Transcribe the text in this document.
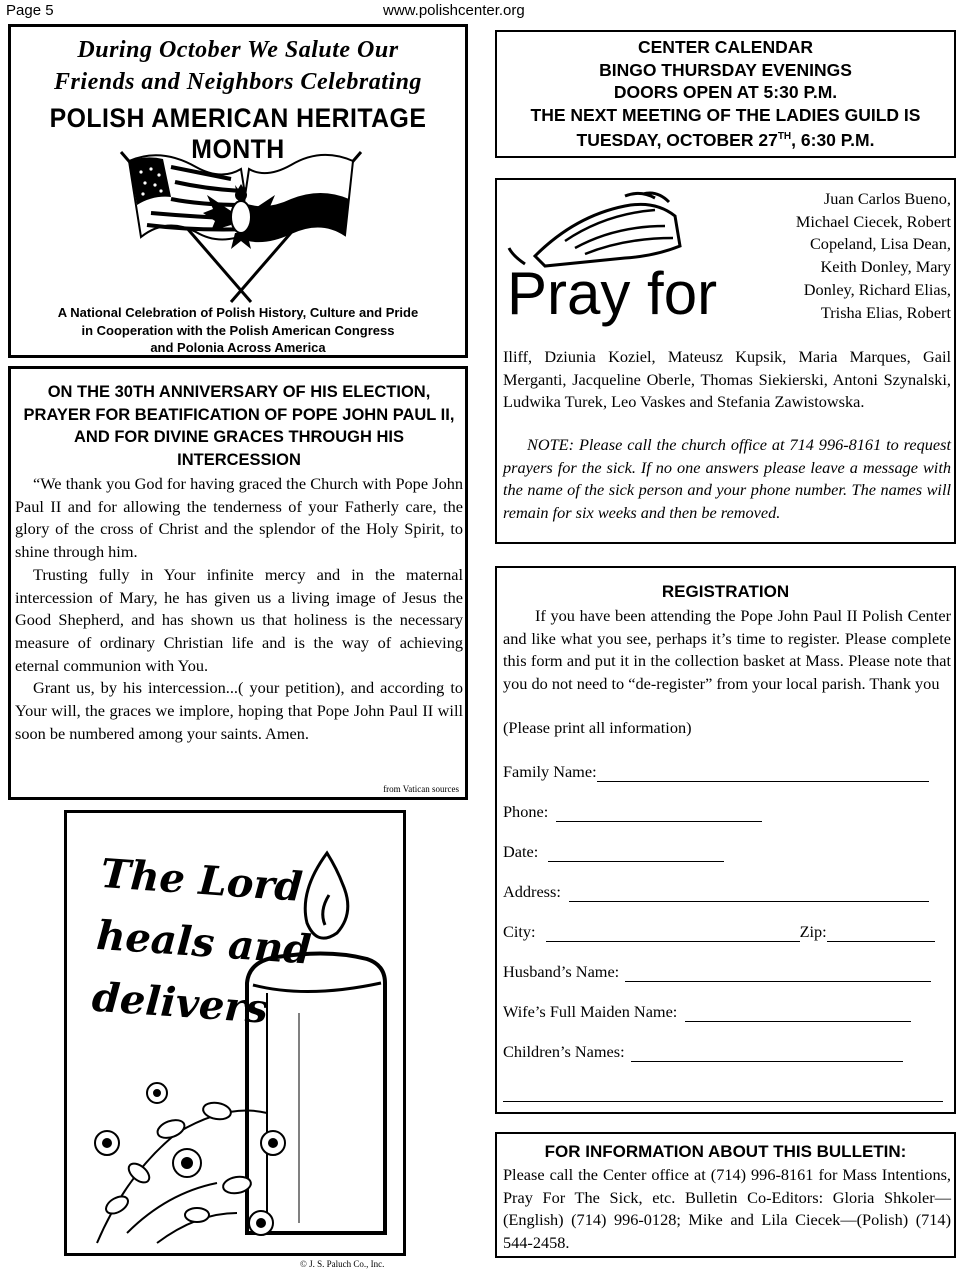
Page 5	www.polishcenter.org
During October We Salute Our
Friends and Neighbors Celebrating
POLISH AMERICAN HERITAGE MONTH
A National Celebration of Polish History, Culture and Pride
in Cooperation with the Polish American Congress
and Polonia Across America
CENTER CALENDAR
BINGO THURSDAY EVENINGS
DOORS OPEN AT 5:30 P.M.
THE NEXT MEETING OF THE LADIES GUILD IS
TUESDAY, OCTOBER 27TH, 6:30 P.M.
ON THE 30TH ANNIVERSARY OF HIS ELECTION, PRAYER FOR BEATIFICATION OF POPE JOHN PAUL II, AND FOR DIVINE GRACES THROUGH HIS INTERCESSION

“We thank you God for having graced the Church with Pope John Paul II and for allowing the tenderness of your Fatherly care, the glory of the cross of Christ and the splendor of the Holy Spirit, to shine through him.

Trusting fully in Your infinite mercy and in the maternal intercession of Mary, he has given us a living image of Jesus the Good Shepherd, and has shown us that holiness is the necessary measure of ordinary Christian life and is the way of achieving eternal communion with You.

Grant us, by his intercession...( your petition), and according to Your will, the graces we implore, hoping that Pope John Paul II will soon be numbered among your saints. Amen.

from Vatican sources
Pray for
Juan Carlos Bueno, Michael Ciecek, Robert Copeland, Lisa Dean, Keith Donley, Mary Donley, Richard Elias, Trisha Elias, Robert
Iliff, Dziunia Koziel, Mateusz Kupsik, Maria Marques, Gail Merganti, Jacqueline Oberle, Thomas Siekierski, Antoni Szynalski, Ludwika Turek, Leo Vaskes and Stefania Zawistowska.
NOTE: Please call the church office at 714 996-8161 to request prayers for the sick. If no one answers please leave a message with the name of the sick person and your phone number. The names will remain for six weeks and then be removed.
The Lord
heals and
delivers
© J. S. Paluch Co., Inc.
REGISTRATION
If you have been attending the Pope John Paul II Polish Center and like what you see, perhaps it’s time to register. Please complete this form and put it in the collection basket at Mass. Please note that you do not need to “de-register” from your local parish. Thank you
(Please print all information)
Family Name:
Phone:
Date:
Address:
City:	Zip:
Husband’s Name:
Wife’s Full Maiden Name:
Children’s Names:
FOR INFORMATION ABOUT THIS BULLETIN:
Please call the Center office at (714) 996-8161 for Mass Intentions, Pray For The Sick, etc. Bulletin Co-Editors: Gloria Shkoler—(English) (714) 996-0128; Mike and Lila Ciecek—(Polish) (714) 544-2458.
